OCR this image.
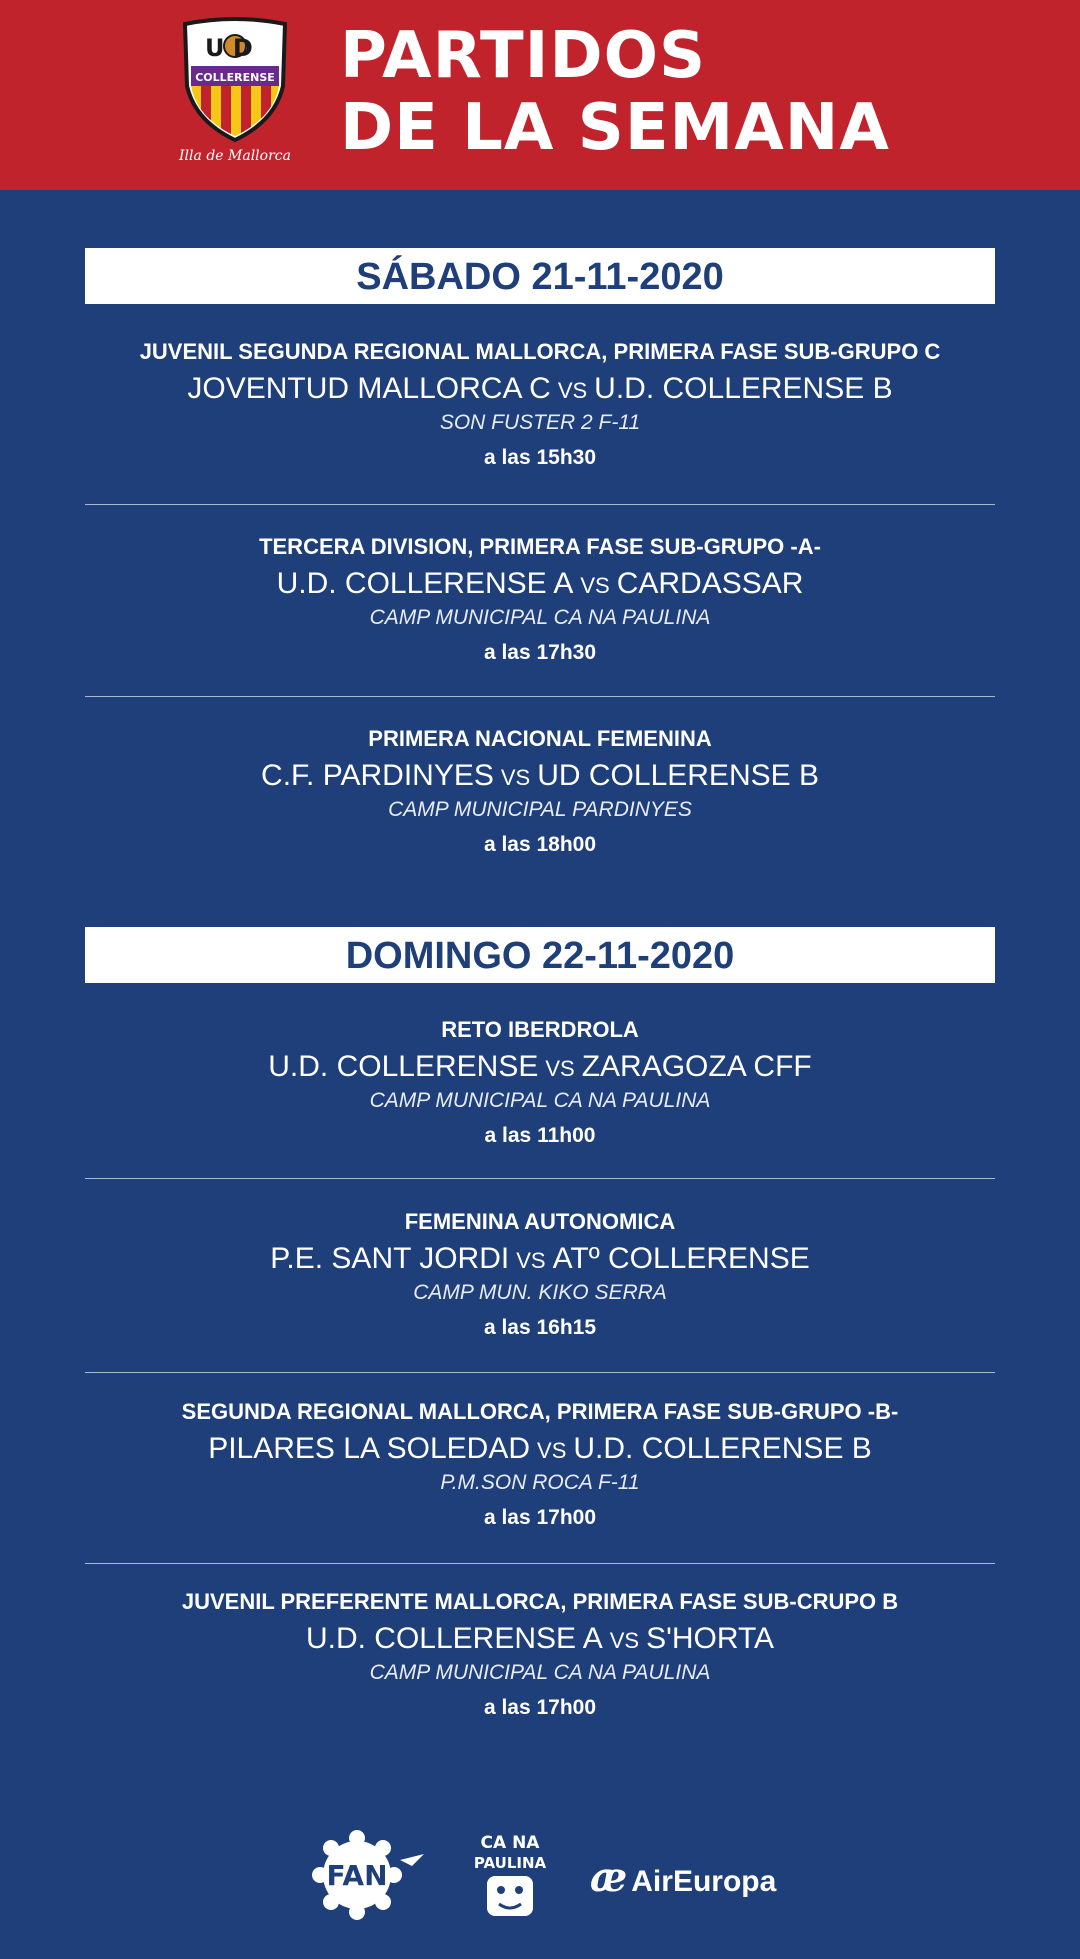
U D
COLLERENSE
Illa de Mallorca
PARTIDOS
DE LA SEMANA
SÁBADO 21-11-2020
JUVENIL SEGUNDA REGIONAL MALLORCA, PRIMERA FASE SUB-GRUPO C
JOVENTUD MALLORCA C VS U.D. COLLERENSE B
SON FUSTER 2 F-11
a las 15h30
TERCERA DIVISION, PRIMERA FASE SUB-GRUPO -A-
U.D. COLLERENSE A VS CARDASSAR
CAMP MUNICIPAL CA NA PAULINA
a las 17h30
PRIMERA NACIONAL FEMENINA
C.F. PARDINYES VS UD COLLERENSE B
CAMP MUNICIPAL PARDINYES
a las 18h00
DOMINGO 22-11-2020
RETO IBERDROLA
U.D. COLLERENSE VS ZARAGOZA CFF
CAMP MUNICIPAL CA NA PAULINA
a las 11h00
FEMENINA AUTONOMICA
P.E. SANT JORDI VS ATº COLLERENSE
CAMP MUN. KIKO SERRA
a las 16h15
SEGUNDA REGIONAL MALLORCA, PRIMERA FASE SUB-GRUPO -B-
PILARES LA SOLEDAD VS U.D. COLLERENSE B
P.M.SON ROCA F-11
a las 17h00
JUVENIL PREFERENTE MALLORCA, PRIMERA FASE SUB-CRUPO B
U.D. COLLERENSE A VS S'HORTA
CAMP MUNICIPAL CA NA PAULINA
a las 17h00
FAN
CA NA
PAULINA æ AirEuropa
